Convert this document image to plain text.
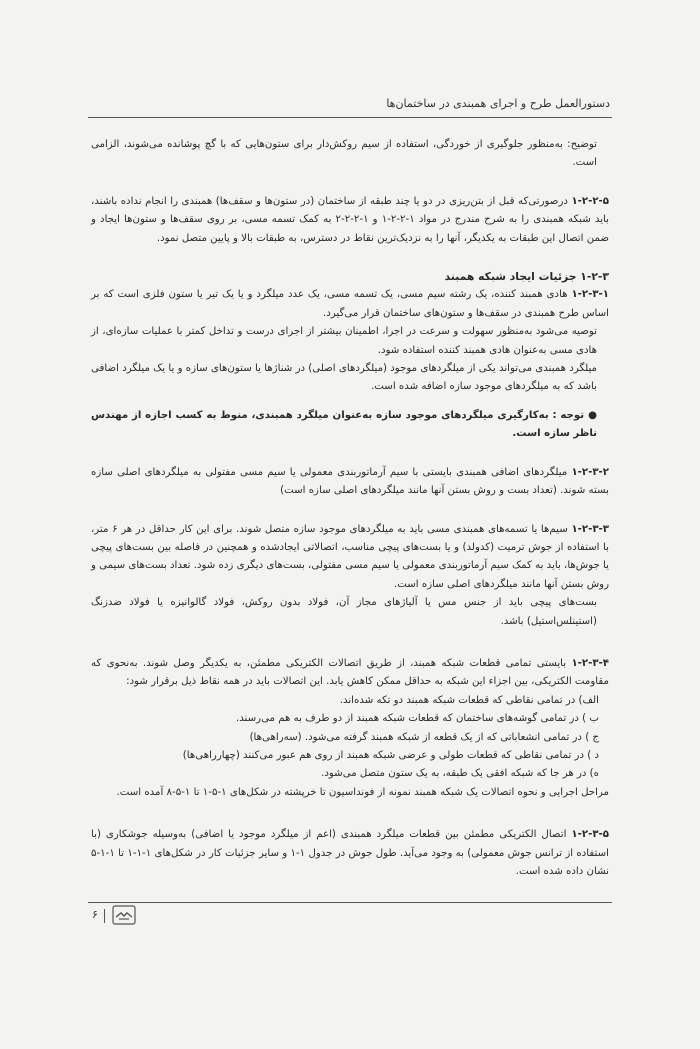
دستورالعمل طرح و اجرای همبندی در ساختمان‌ها

توضیح: به‌منظور جلوگیری از خوردگی، استفاده از سیم روکش‌دار برای ستون‌هایی که با گچ پوشانده می‌شوند، الزامی است.

۱-۲-۲-۵ درصورتی‌که قبل از بتن‌ریزی در دو یا چند طبقه از ساختمان (در ستون‌ها و سقف‌ها) همبندی را انجام نداده باشند، باید شبکه همبندی را به شرح مندرج در مواد ۱-۲-۲-۱ و ۱-۲-۲-۲ به کمک تسمه مسی، بر روی سقف‌ها و ستون‌ها ایجاد و ضمن اتصال این طبقات به یکدیگر، آنها را به نزدیک‌ترین نقاط در دسترس، به طبقات بالا و پایین متصل نمود.

۱-۲-۳ جزئیات ایجاد شبکه همبند

۱-۲-۳-۱ هادی همبند کننده، یک رشته سیم مسی، یک تسمه مسی، یک عدد میلگرد و یا یک تیر یا ستون فلزی است که بر اساس طرح همبندی در سقف‌ها و ستون‌های ساختمان قرار می‌گیرد.

توصیه می‌شود به‌منظور سهولت و سرعت در اجرا، اطمینان بیشتر از اجرای درست و تداخل کمتر با عملیات سازه‌ای، از هادی مسی به‌عنوان هادی همبند کننده استفاده شود.

میلگرد همبندی می‌تواند یکی از میلگردهای موجود (میلگردهای اصلی) در شناژها یا ستون‌های سازه و یا یک میلگرد اضافی باشد که به میلگردهای موجود سازه اضافه شده است.

●توجه : به‌کارگیری میلگردهای موجود سازه به‌عنوان میلگرد همبندی، منوط به کسب اجازه از مهندس ناظر سازه است.

۱-۲-۳-۲ میلگردهای اضافی همبندی بایستی با سیم آرماتوربندی معمولی یا سیم مسی مفتولی به میلگردهای اصلی سازه بسته شوند. (تعداد بست و روش بستن آنها مانند میلگردهای اصلی سازه است)

۱-۲-۳-۳ سیم‌ها یا تسمه‌های همبندی مسی باید به میلگردهای موجود سازه متصل شوند. برای این کار حداقل در هر ۶ متر، با استفاده از جوش ترمیت (کدولد) و یا بست‌های پیچی مناسب، اتصالاتی ایجادشده و همچنین در فاصله بین بست‌های پیچی یا جوش‌ها، باید به کمک سیم آرماتوربندی معمولی یا سیم مسی مفتولی، بست‌های دیگری زده شود. تعداد بست‌های سیمی و روش بستن آنها مانند میلگردهای اصلی سازه است.

بست‌های پیچی باید از جنس مس یا آلیاژهای مجاز آن، فولاد بدون روکش، فولاد گالوانیزه یا فولاد ضدزنگ (استینلس‌استیل) باشد.

۱-۲-۳-۴ بایستی تمامی قطعات شبکه همبند، از طریق اتصالات الکتریکی مطمئن، به یکدیگر وصل شوند. به‌نحوی که مقاومت الکتریکی، بین اجزاء این شبکه به حداقل ممکن کاهش یابد. این اتصالات باید در همه نقاط ذیل برقرار شود:

الف) در تمامی نقاطی که قطعات شبکه همبند دو تکه شده‌اند.

ب ) در تمامی گوشه‌های ساختمان که قطعات شبکه همبند از دو طرف به هم می‌رسند.

ج ) در تمامی انشعاباتی که از یک قطعه از شبکه همبند گرفته می‌شود. (سه‌راهی‌ها)

د ) در تمامی نقاطی که قطعات طولی و عرضی شبکه همبند از روی هم عبور می‌کنند (چهارراهی‌ها)

ه) در هر جا که شبکه افقی یک طبقه، به یک ستون متصل می‌شود.

مراحل اجرایی و نحوه اتصالات یک شبکه همبند نمونه از فونداسیون تا خرپشته در شکل‌های ۱-۵-۱ تا ۱-۵-۸ آمده است.

۱-۲-۳-۵ اتصال الکتریکی مطمئن بین قطعات میلگرد همبندی (اعم از میلگرد موجود یا اضافی) به‌وسیله جوشکاری (با استفاده از ترانس جوش معمولی) به وجود می‌آید. طول جوش در جدول ۱-۱ و سایر جزئیات کار در شکل‌های ۱-۱-۱ تا ۱-۱-۵ نشان داده شده است.

۶
